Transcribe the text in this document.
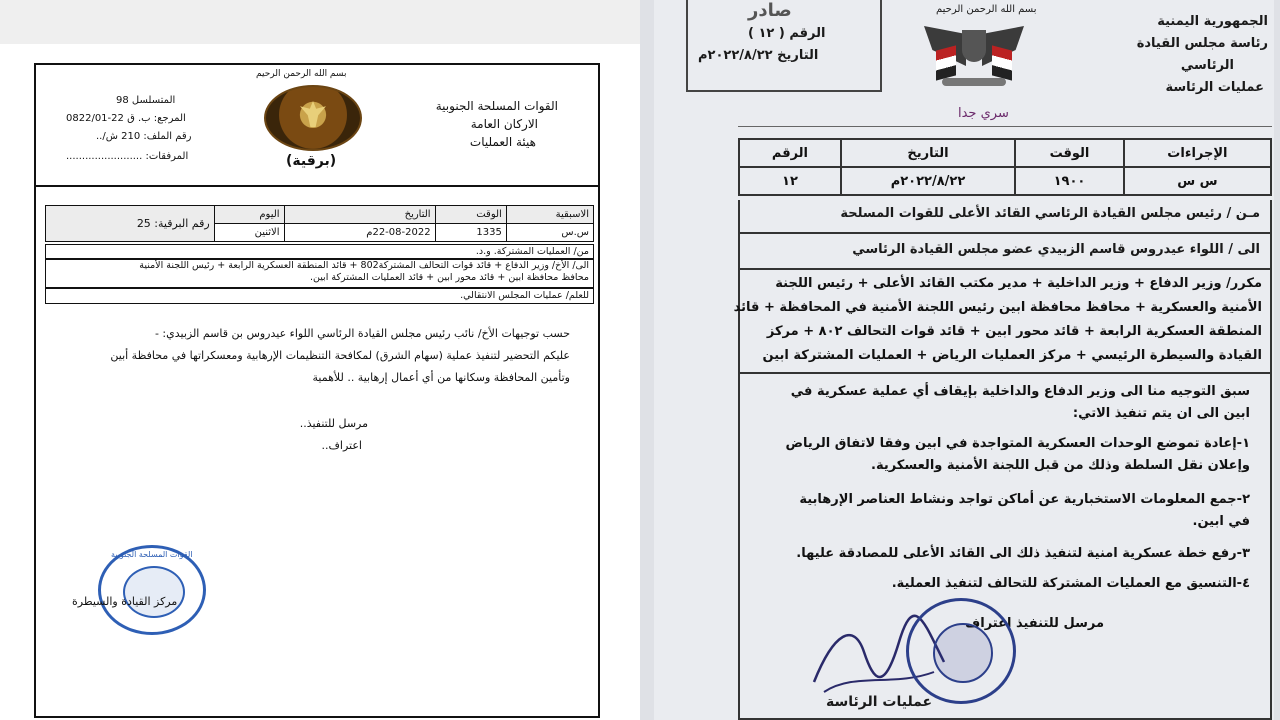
بسم الله الرحمن الرحيم
القوات المسلحة الجنوبية
الاركان العامة
هيئة العمليات
(برقية)
المتسلسل 98
المرجع: ب. ق 22-0822/01
رقم الملف: 210 ش/..
المرفقات: ........................
الاسبقية	الوقت	التاريخ	اليوم	رقم البرقية: 25
س.س	1335	22-08-2022م	الاثنين	
من/ العمليات المشتركة. و.د.
الى/ الأخ/ وزير الدفاع + قائد قوات التحالف المشتركة802 + قائد المنطقة العسكرية الرابعة + رئيس اللجنة الأمنية
محافظ محافظة ابين + قائد محور ابين + قائد العمليات المشتركة ابين.
للعلم/ عمليات المجلس الانتقالي.
حسب توجيهات الأخ/ نائب رئيس مجلس القيادة الرئاسي اللواء عيدروس بن قاسم الزبيدي: -
عليكم التحضير لتنفيذ عملية (سهام الشرق) لمكافحة التنظيمات الإرهابية ومعسكراتها في محافظة أبين
وتأمين المحافظة وسكانها من أي أعمال إرهابية .. للأهمية
مرسل للتنفيذ..
اعتراف..
القوات المسلحة الجنوبية
مركز القيادة والسيطرة
صادر
الرقم ( ١٢ )
التاريخ ٢٠٢٢/٨/٢٢م
بسم الله الرحمن الرحيم
الجمهورية اليمنية
رئاسة مجلس القيادة
الرئاسي
عمليات الرئاسة
سري جدا
الإجراءات	الوقت	التاريخ	الرقم
س س	١٩٠٠	٢٠٢٢/٨/٢٢م	١٢
مـن / رئيس مجلس القيادة الرئاسي القائد الأعلى للقوات المسلحة
الى / اللواء عيدروس قاسم الزبيدي عضو مجلس القيادة الرئاسي
مكرر/ وزير الدفاع + وزير الداخلية + مدير مكتب القائد الأعلى + رئيس اللجنة
الأمنية والعسكرية + محافظ محافظة ابين رئيس اللجنة الأمنية في المحافظة + قائد
المنطقة العسكرية الرابعة + قائد محور ابين + قائد قوات التحالف ٨٠٢ + مركز
القيادة والسيطرة الرئيسي + مركز العمليات الرياض + العمليات المشتركة ابين
سبق التوجيه منا الى وزير الدفاع والداخلية بإيقاف أي عملية عسكرية في
ابين الى ان يتم تنفيذ الاتي:
١-إعادة تموضع الوحدات العسكرية المتواجدة في ابين وفقا لاتفاق الرياض
وإعلان نقل السلطة وذلك من قبل اللجنة الأمنية والعسكرية.
٢-جمع المعلومات الاستخبارية عن أماكن تواجد ونشاط العناصر الإرهابية
في ابين.
٣-رفع خطة عسكرية امنية لتنفيذ ذلك الى القائد الأعلى للمصادقة عليها.
٤-التنسيق مع العمليات المشتركة للتحالف لتنفيذ العملية.
مرسل للتنفيذ اعتراف
عمليات الرئاسة
